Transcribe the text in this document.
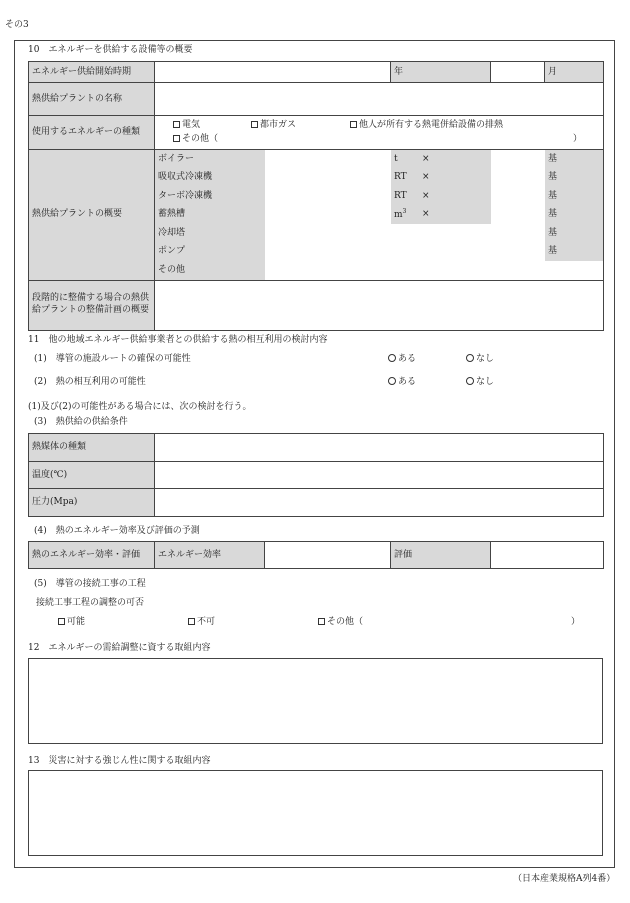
その3
10　エネルギーを供給する設備等の概要
エネルギー供給開始時期		年		月
熱供給プラントの名称	
使用するエネルギーの種類	
電気	都市ガス	他人が所有する熱電併給設備の排熱
その他（	）

熱供給プラントの概要	
ボイラー		t	×		基
吸収式冷凍機		RT	×		基
ターボ冷凍機		RT	×		基
蓄熱槽		$m^3$	×		基
冷却塔		基
ポンプ		基
その他	

段階的に整備する場合の熱供給プラントの整備計画の概要	
11　他の地域エネルギー供給事業者との供給する熱の相互利用の検討内容
(1)　導管の施設ルートの確保の可能性	ある	なし
(2)　熱の相互利用の可能性	ある	なし
(1)及び(2)の可能性がある場合には、次の検討を行う。
(3)　熱供給の供給条件
熱媒体の種類	
温度(℃)	
圧力(Mpa)	
(4)　熱のエネルギー効率及び評価の予測
熱のエネルギー効率・評価	エネルギー効率		評価	
(5)　導管の接続工事の工程
接続工事工程の調整の可否
可能	不可	その他（	）
12　エネルギーの需給調整に資する取組内容
13　災害に対する強じん性に関する取組内容
（日本産業規格A列4番）
